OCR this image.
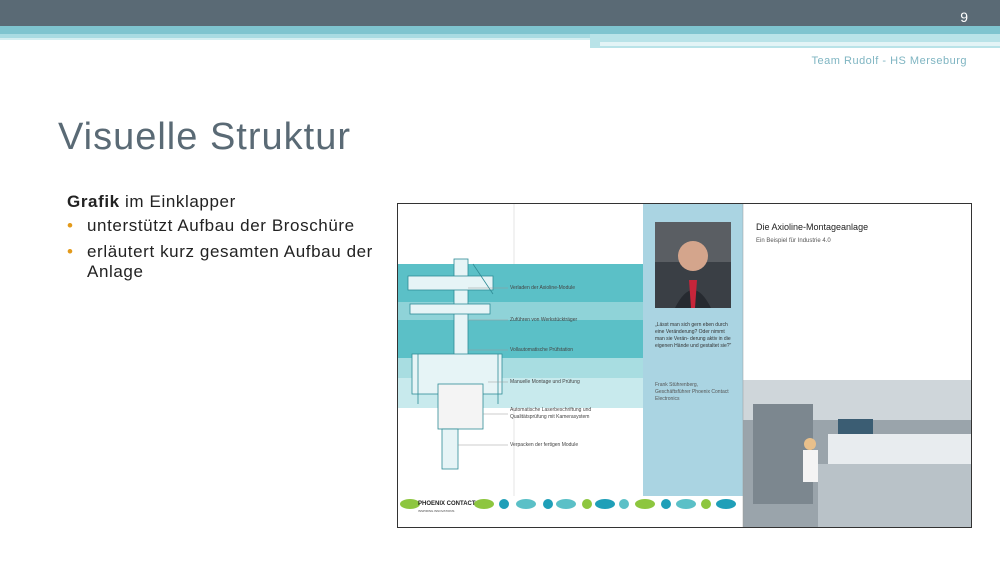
9
Team Rudolf - HS Merseburg
Visuelle Struktur
Grafik im Einklapper
• unterstützt Aufbau der Broschüre
• erläutert kurz gesamten Aufbau der Anlage
Die Axioline-Montageanlage
Ein Beispiel für Industrie 4.0
„Lässt man sich gern eben durch eine Veränderung? Oder nimmt man sie Verän- derung aktiv in die eigenen Hände und gestaltet sie?"
Frank Stührenberg, Geschäftsführer Phoenix Contact Electronics
PHOENIX CONTACT
INSPIRING INNOVATIONS
Verladen der Axioline-Module
Zuführen von Werkstückträger
Vollautomatische Prüfstation
Manuelle Montage und Prüfung
Automatische Laserbeschriftung und Qualitätsprüfung mit Kamerasystem
Verpacken der fertigen Module
